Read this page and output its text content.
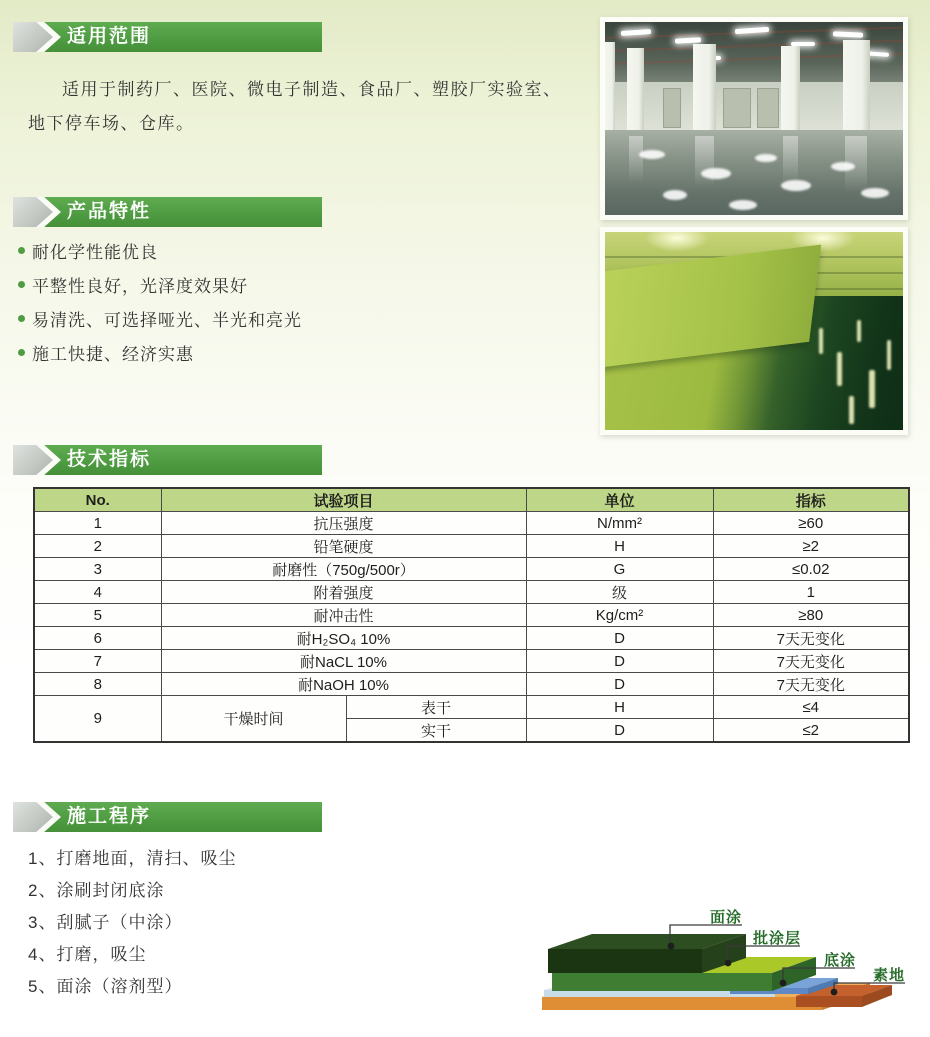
适用范围

适用于制药厂、医院、微电子制造、食品厂、塑胶厂实验室、地下停车场、仓库。

产品特性
耐化学性能优良
平整性良好，光泽度效果好
易清洗、可选择哑光、半光和亮光
施工快捷、经济实惠
技术指标
No.	试验项目		单位	指标
1	抗压强度		N/mm²	≥60
2	铅笔硬度		H	≥2
3	耐磨性（750g/500r）		G	≤0.02
4	附着强度		级	1
5	耐冲击性		Kg/cm²	≥80
6	耐H₂SO₄ 10%		D	7天无变化
7	耐NaCL 10%		D	7天无变化
8	耐NaOH 10%		D	7天无变化
9	干燥时间	表干	H	≤4
		实干	D	≤2
施工程序
1、打磨地面，清扫、吸尘
2、涂刷封闭底涂
3、刮腻子（中涂）
4、打磨，吸尘
5、面涂（溶剂型）
面涂
批涂层
底涂
素地
